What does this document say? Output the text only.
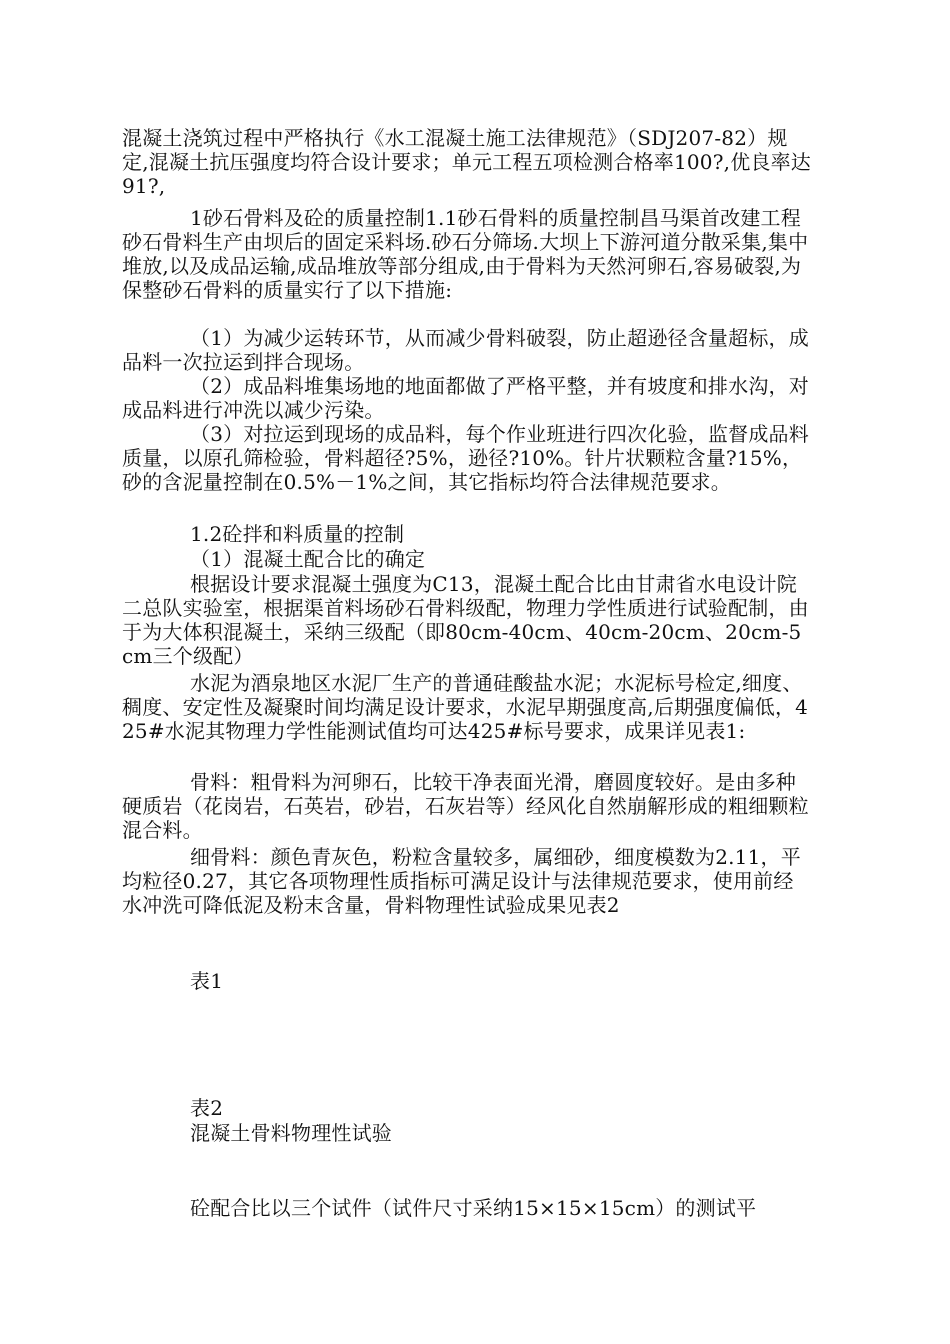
混凝土浇筑过程中严格执行《水工混凝土施工法律规范》（SDJ207-82）规定,混凝土抗压强度均符合设计要求；单元工程五项检测合格率100?,优良率达91?,

1砂石骨料及砼的质量控制1.1砂石骨料的质量控制昌马渠首改建工程砂石骨料生产由坝后的固定采料场.砂石分筛场.大坝上下游河道分散采集,集中堆放,以及成品运输,成品堆放等部分组成,由于骨料为天然河卵石,容易破裂,为保整砂石骨料的质量实行了以下措施:

（1）为减少运转环节，从而减少骨料破裂，防止超逊径含量超标，成品料一次拉运到拌合现场。

（2）成品料堆集场地的地面都做了严格平整，并有坡度和排水沟，对成品料进行冲洗以减少污染。

（3）对拉运到现场的成品料，每个作业班进行四次化验，监督成品料质量，以原孔筛检验，骨料超径?5%，逊径?10%。针片状颗粒含量?15%，砂的含泥量控制在0.5%－1%之间，其它指标均符合法律规范要求。

1.2砼拌和料质量的控制

（1）混凝土配合比的确定

根据设计要求混凝土强度为C13，混凝土配合比由甘肃省水电设计院二总队实验室，根据渠首料场砂石骨料级配，物理力学性质进行试验配制，由于为大体积混凝土，采纳三级配（即80cm-40cm、40cm-20cm、20cm-5cm三个级配）

水泥为酒泉地区水泥厂生产的普通硅酸盐水泥；水泥标号检定,细度、稠度、安定性及凝聚时间均满足设计要求，水泥早期强度高,后期强度偏低，425#水泥其物理力学性能测试值均可达425#标号要求，成果详见表1:

骨料：粗骨料为河卵石，比较干净表面光滑，磨圆度较好。是由多种硬质岩（花岗岩，石英岩，砂岩，石灰岩等）经风化自然崩解形成的粗细颗粒混合料。

细骨料：颜色青灰色，粉粒含量较多，属细砂，细度模数为2.11，平均粒径0.27，其它各项物理性质指标可满足设计与法律规范要求，使用前经水冲洗可降低泥及粉末含量，骨料物理性试验成果见表2

表1

表2

混凝土骨料物理性试验

砼配合比以三个试件（试件尺寸采纳15×15×15cm）的测试平
